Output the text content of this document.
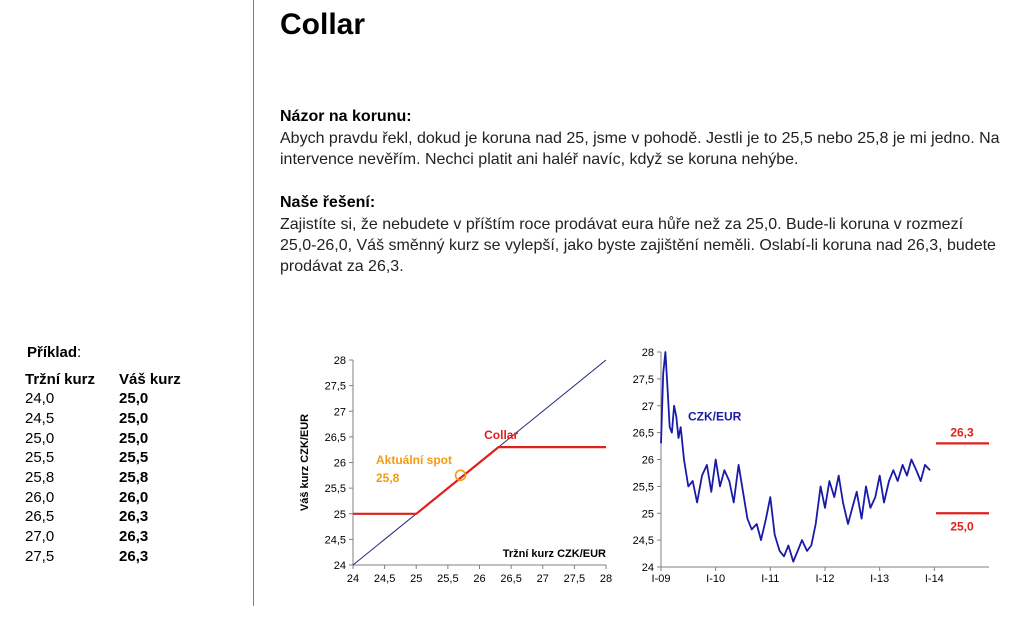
Collar
Názor na korunu:
Abych pravdu řekl, dokud je koruna nad 25, jsme v pohodě. Jestli je to 25,5 nebo 25,8 je mi jedno. Na intervence nevěřím. Nechci platit ani haléř navíc, když se koruna nehýbe.
Naše řešení:
Zajistíte si, že nebudete v příštím roce prodávat eura hůře než za 25,0. Bude-li koruna v rozmezí 25,0-26,0, Váš směnný kurz se vylepší, jako byste zajištění neměli. Oslabí-li koruna nad 26,3, budete prodávat za 26,3.
Příklad:
Tržní kurz	Váš kurz
24,0	25,0
24,5	25,0
25,0	25,0
25,5	25,5
25,8	25,8
26,0	26,0
26,5	26,3
27,0	26,3
27,5	26,3
24 24,5 25 25,5 26 26,5 27 27,5 28
24
24,5
25
25,5
26
26,5
27
27,5
28
Collar
Aktuální spot
25,8
Tržní kurz CZK/EUR
Váš kurz CZK/EUR
24
24,5
25
25,5
26
26,5
27
27,5
28
I-09	I-10	I-11	I-12	I-13	I-14
CZK/EUR
26,3
25,0
